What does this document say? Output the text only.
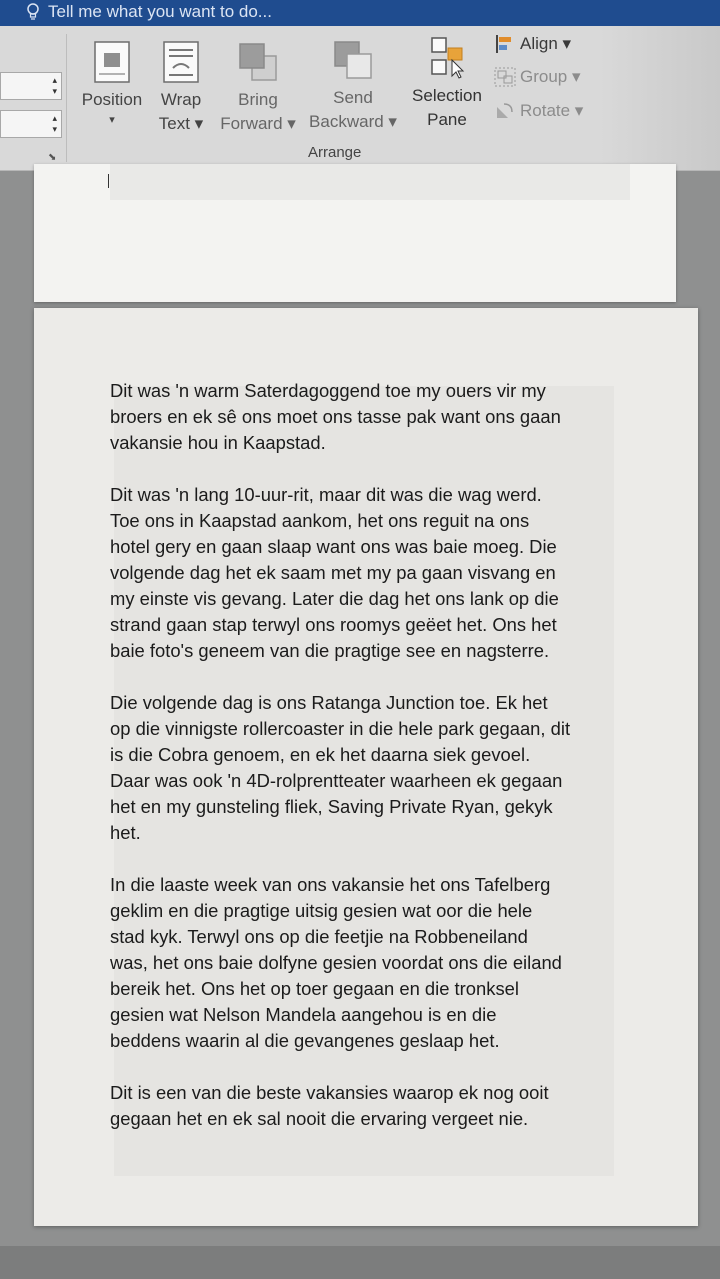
Tell me what you want to do...
▴
▾
▴
▾
⬊
Position
▾
Wrap
Text ▾
Bring
Forward ▾
Send
Backward ▾
Selection
Pane
Align ▾
Group ▾
Rotate ▾
Arrange

Dit was 'n warm Saterdagoggend toe my ouers vir my
broers en ek sê ons moet ons tasse pak want ons gaan
vakansie hou in Kaapstad.

Dit was 'n lang 10-uur-rit, maar dit was die wag werd.
Toe ons in Kaapstad aankom, het ons reguit na ons
hotel gery en gaan slaap want ons was baie moeg. Die
volgende dag het ek saam met my pa gaan visvang en
my einste vis gevang. Later die dag het ons lank op die
strand gaan stap terwyl ons roomys geëet het. Ons het
baie foto's geneem van die pragtige see en nagsterre.

Die volgende dag is ons Ratanga Junction toe. Ek het
op die vinnigste rollercoaster in die hele park gegaan, dit
is die Cobra genoem, en ek het daarna siek gevoel.
Daar was ook 'n 4D-rolprentteater waarheen ek gegaan
het en my gunsteling fliek, Saving Private Ryan, gekyk
het.

In die laaste week van ons vakansie het ons Tafelberg
geklim en die pragtige uitsig gesien wat oor die hele
stad kyk. Terwyl ons op die feetjie na Robbeneiland
was, het ons baie dolfyne gesien voordat ons die eiland
bereik het. Ons het op toer gegaan en die tronksel
gesien wat Nelson Mandela aangehou is en die
beddens waarin al die gevangenes geslaap het.

Dit is een van die beste vakansies waarop ek nog ooit
gegaan het en ek sal nooit die ervaring vergeet nie.
